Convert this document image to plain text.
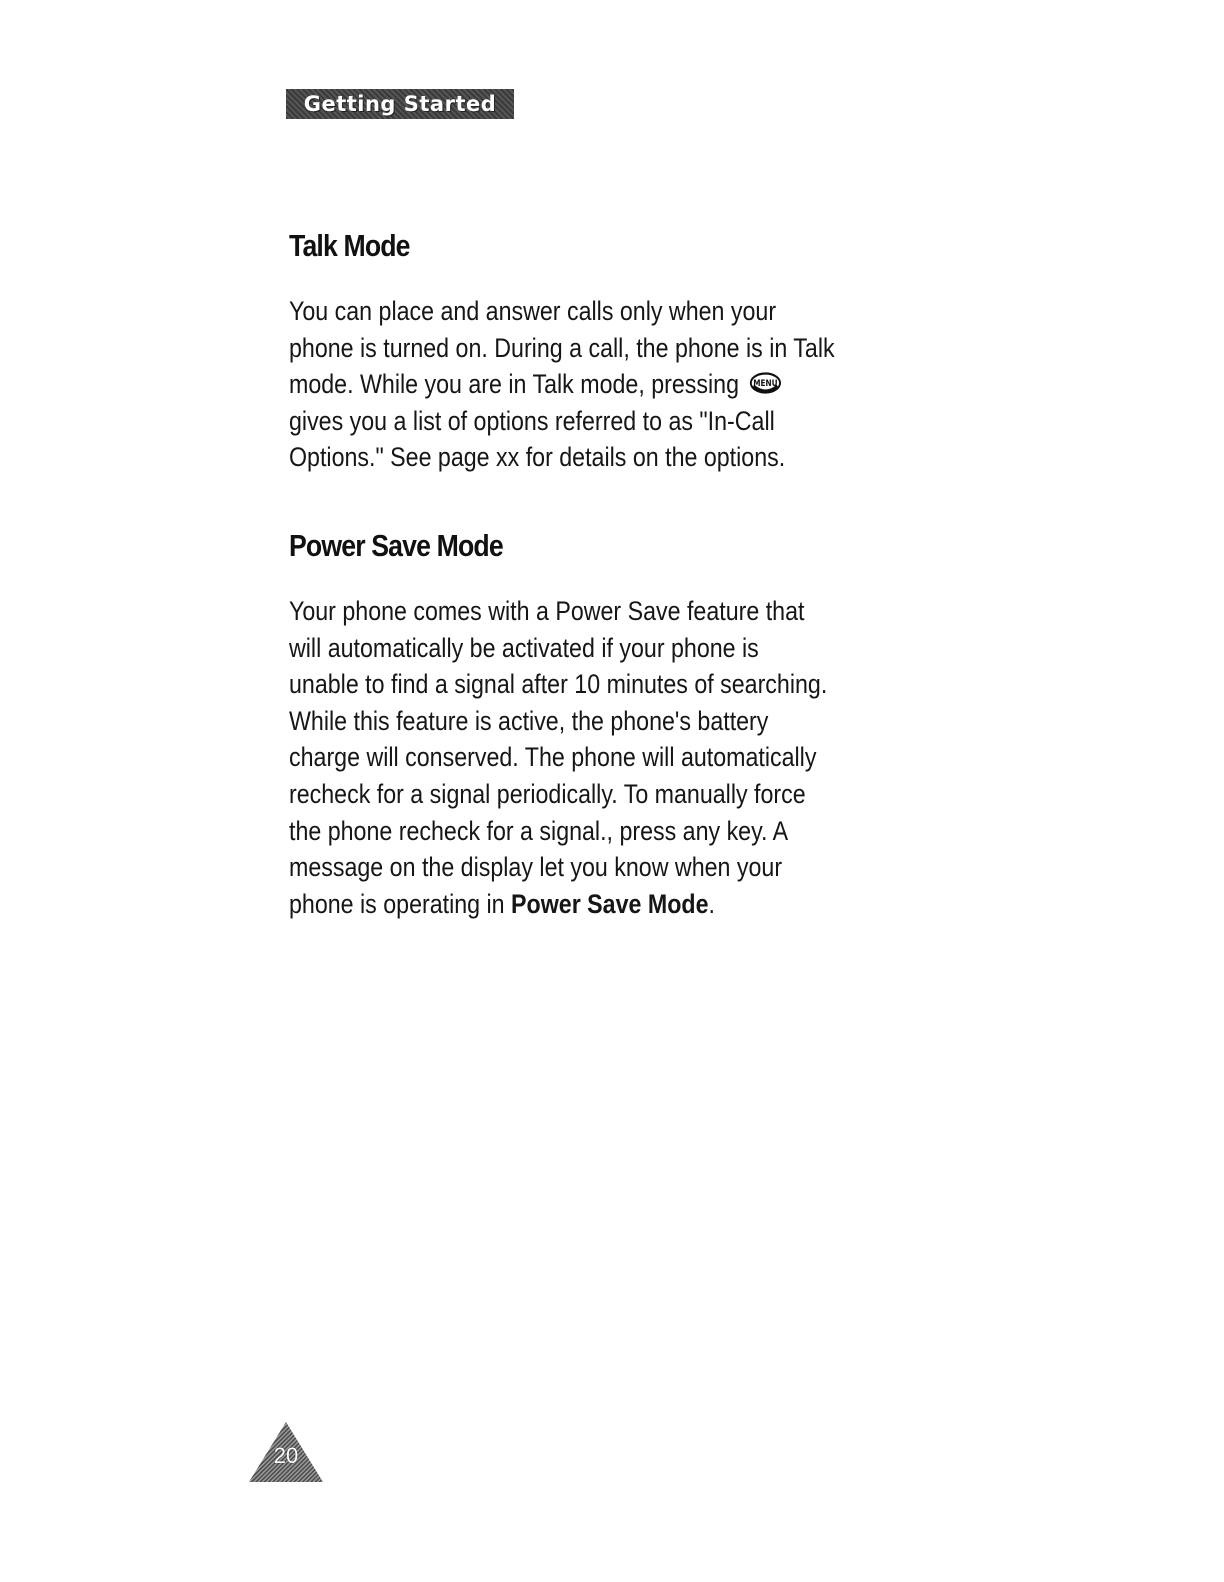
Getting Started
Talk Mode

You can place and answer calls only when your
phone is turned on. During a call, the phone is in Talk
mode. While you are in Talk mode, pressing MENU
gives you a list of options referred to as "In-Call
Options." See page xx for details on the options.

Power Save Mode

Your phone comes with a Power Save feature that
will automatically be activated if your phone is
unable to find a signal after 10 minutes of searching.
While this feature is active, the phone's battery
charge will conserved. The phone will automatically
recheck for a signal periodically. To manually force
the phone recheck for a signal., press any key. A
message on the display let you know when your
phone is operating in Power Save Mode.

20
